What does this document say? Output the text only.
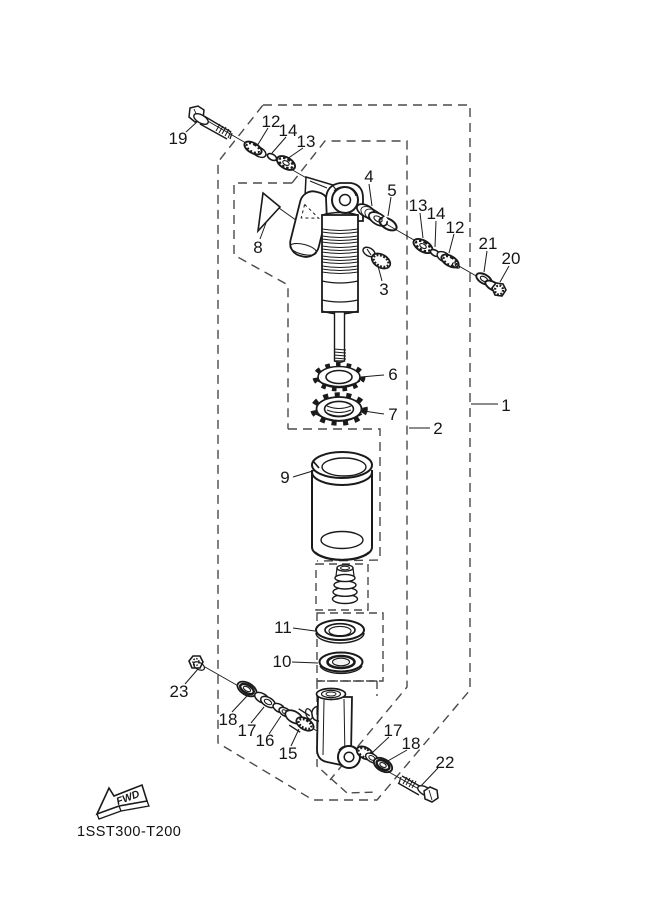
1
2
3
4
5
6
7
8
9
10
11
12
12
13
13
14
14
15
16
17	17
18
18
19
20
21
22
23
FWD
1SST300-T200
